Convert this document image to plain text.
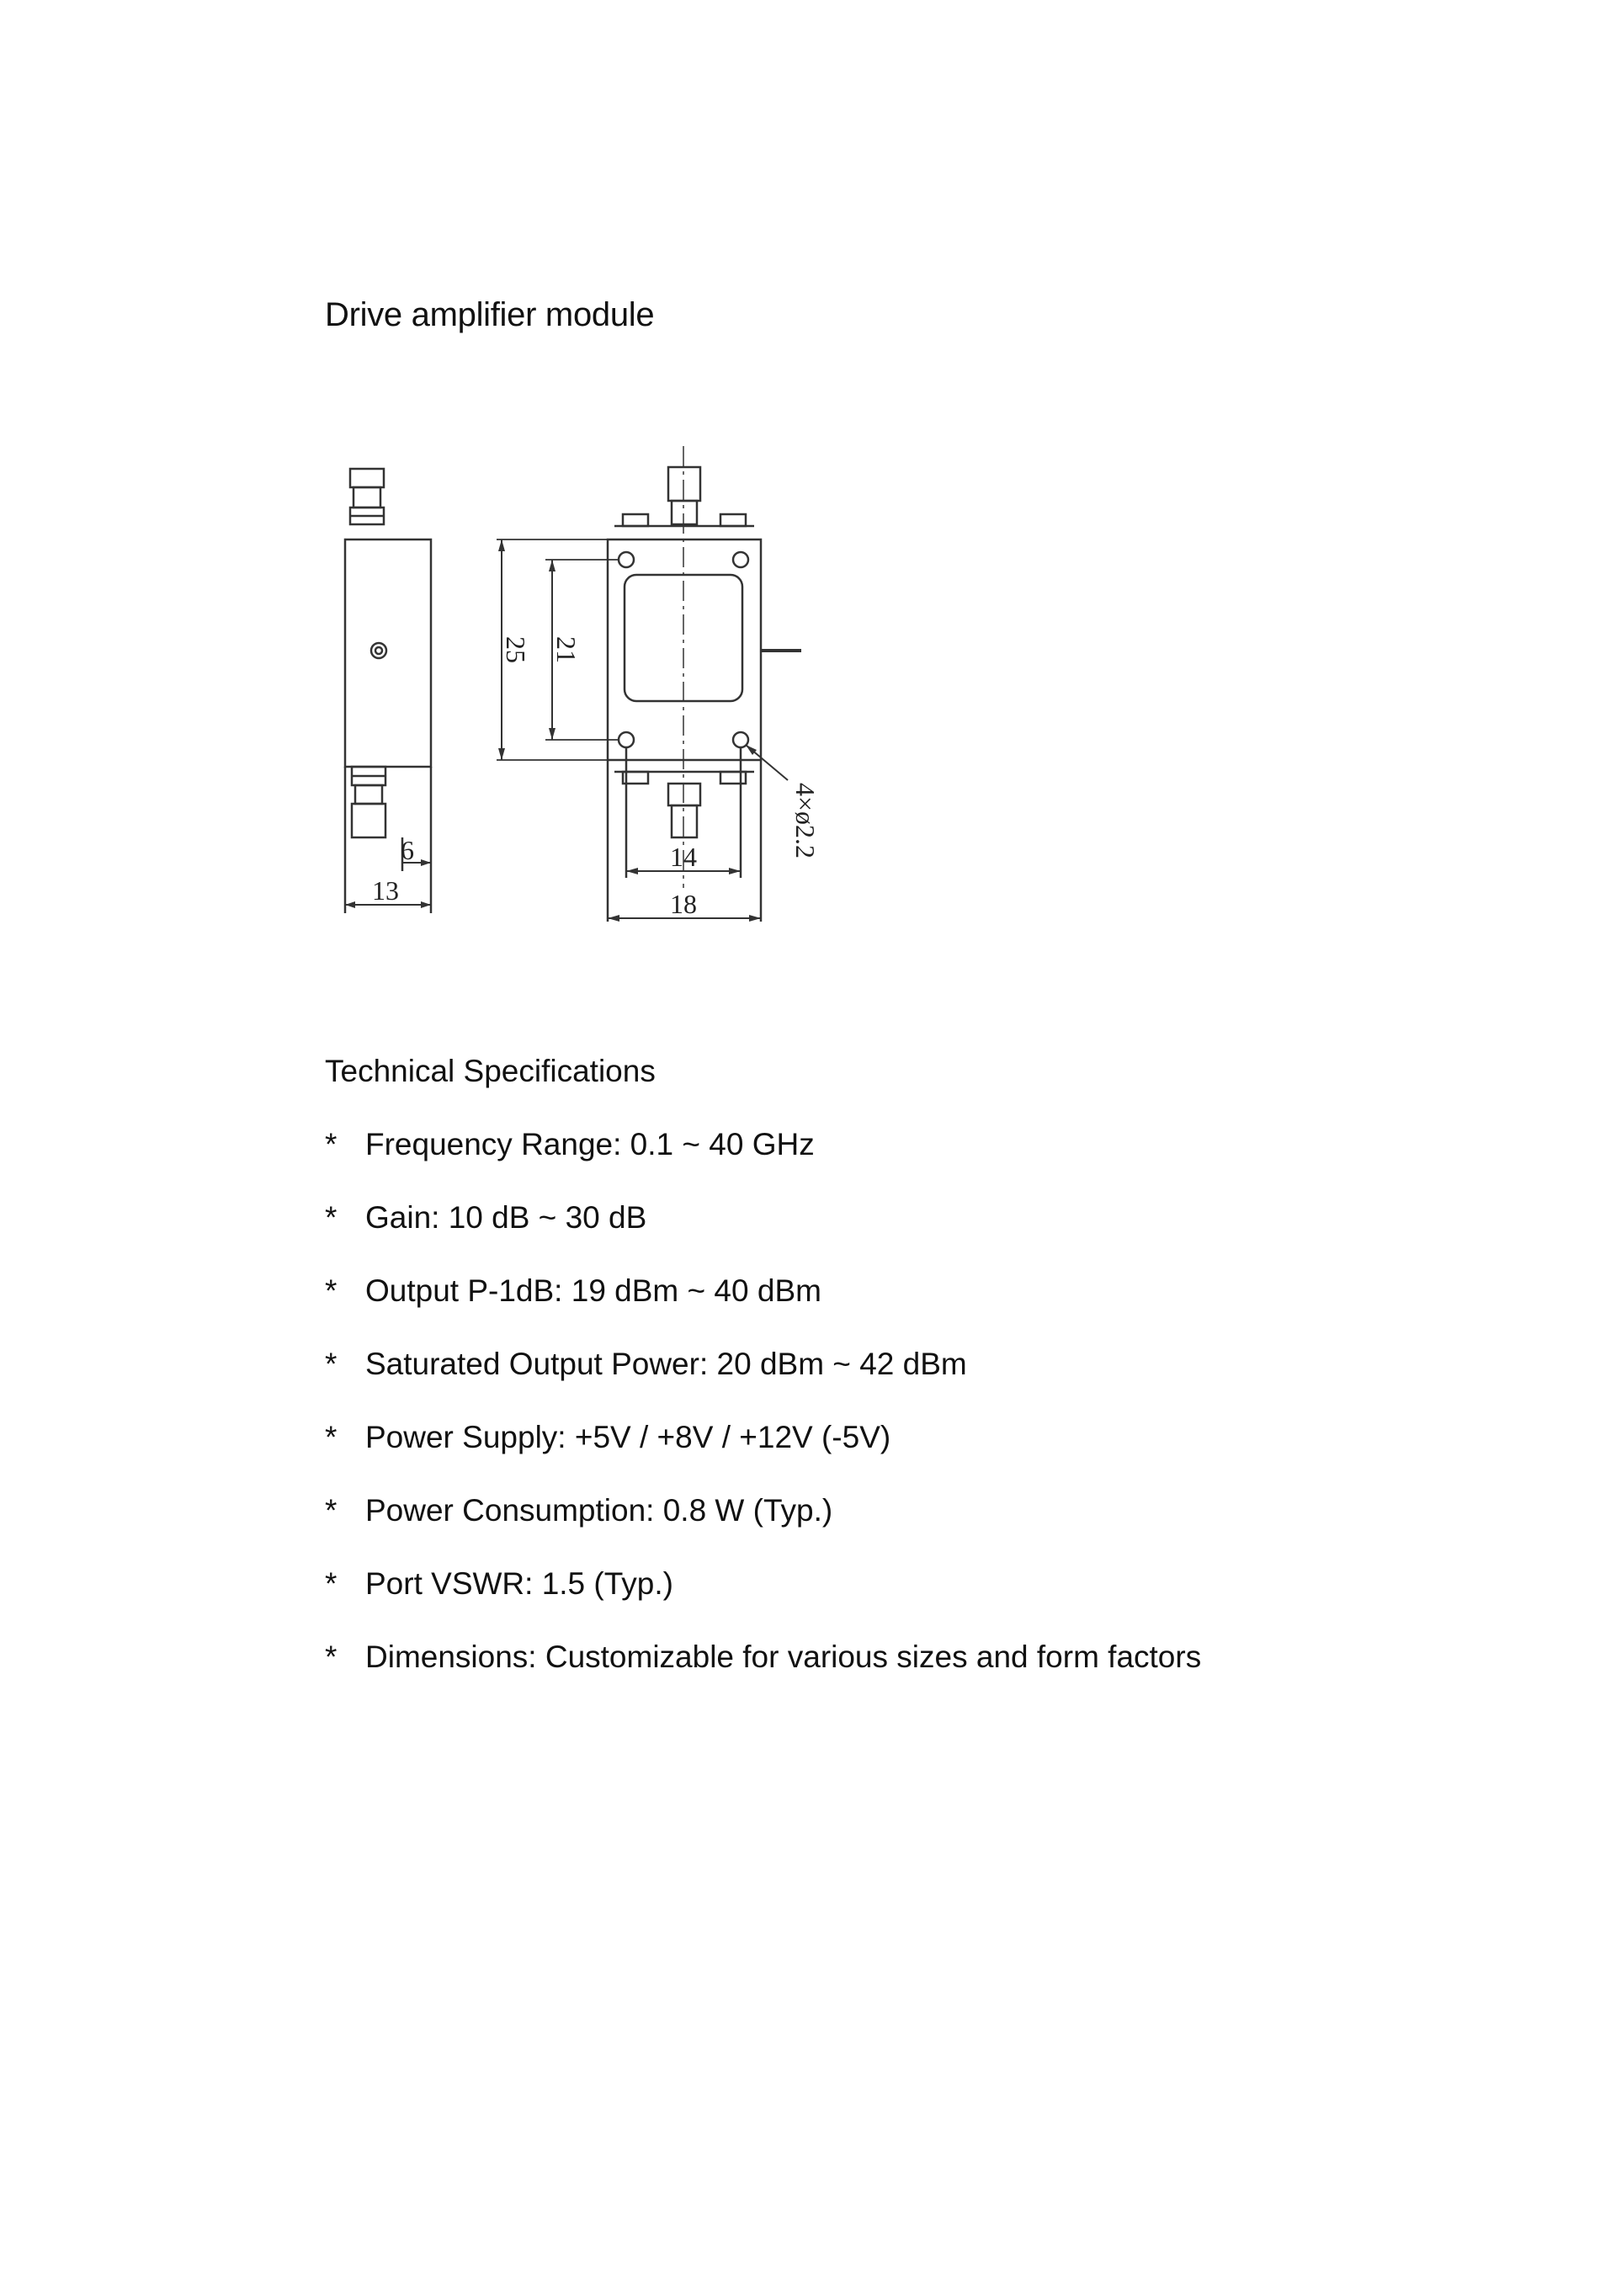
Drive amplifier module
6
13
25 21
14
18
4×ø2.2
Technical Specifications
* Frequency Range: 0.1 ~ 40 GHz
* Gain: 10 dB ~ 30 dB
* Output P-1dB: 19 dBm ~ 40 dBm
* Saturated Output Power: 20 dBm ~ 42 dBm
* Power Supply: +5V / +8V / +12V (-5V)
* Power Consumption: 0.8 W (Typ.)
* Port VSWR: 1.5 (Typ.)
* Dimensions: Customizable for various sizes and form factors
